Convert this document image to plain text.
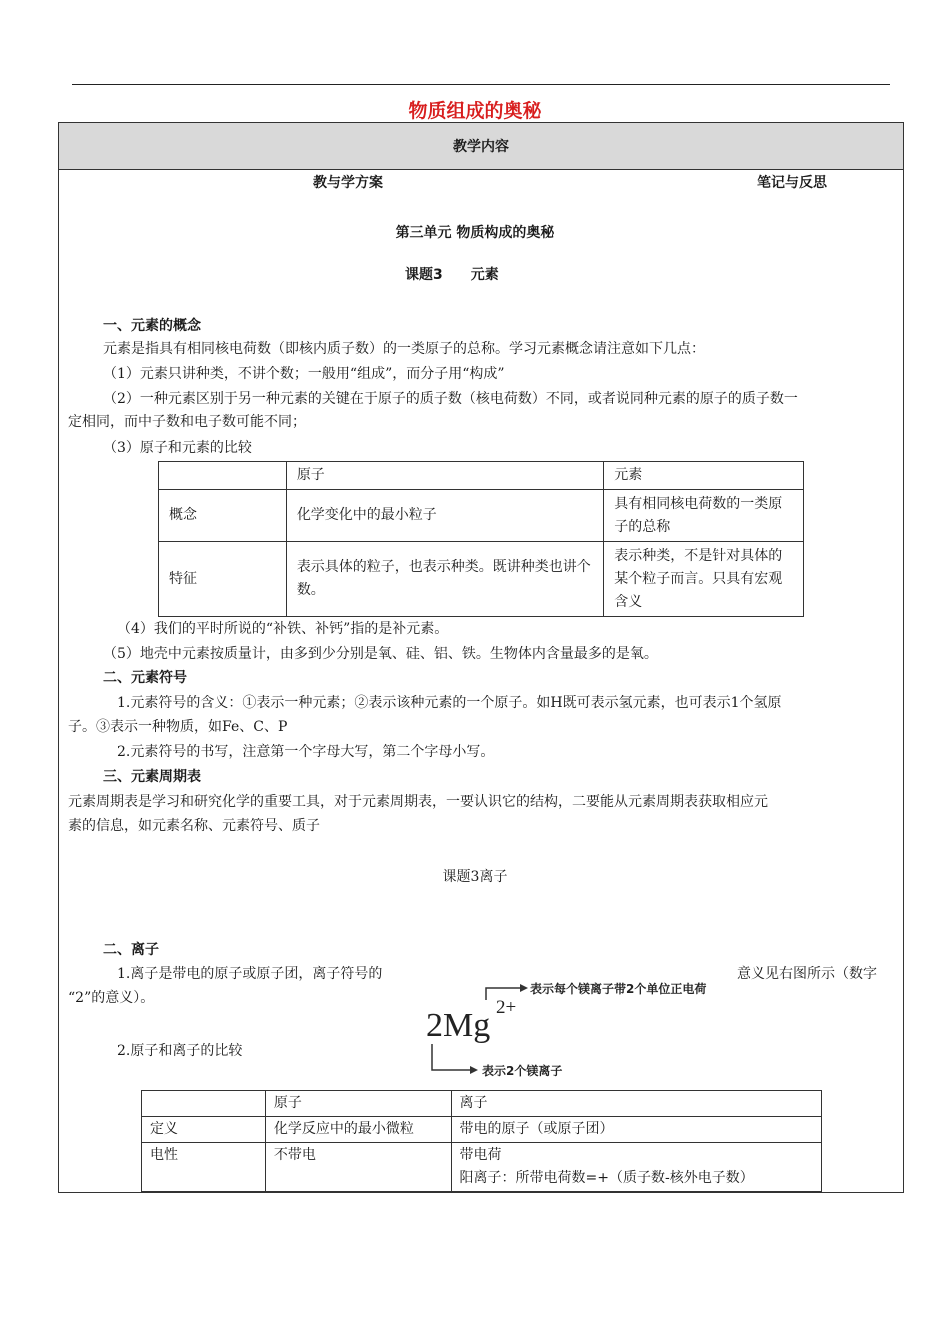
物质组成的奥秘
教学内容
教与学方案	笔记与反思
第三单元 物质构成的奥秘
课题3　　元素
一、元素的概念
元素是指具有相同核电荷数（即核内质子数）的一类原子的总称。学习元素概念请注意如下几点：
（1）元素只讲种类，不讲个数；一般用“组成”，而分子用“构成”
（2）一种元素区别于另一种元素的关键在于原子的质子数（核电荷数）不同，或者说同种元素的原子的质子数一
定相同，而中子数和电子数可能不同；
（3）原子和元素的比较
	原子	元素
概念	化学变化中的最小粒子	具有相同核电荷数的一类原子的总称
特征	表示具体的粒子，也表示种类。既讲种类也讲个数。	表示种类，不是针对具体的某个粒子而言。只具有宏观含义
（4）我们的平时所说的“补铁、补钙”指的是补元素。
（5）地壳中元素按质量计，由多到少分别是氧、硅、铝、铁。生物体内含量最多的是氧。
二、元素符号
1.元素符号的含义：①表示一种元素；②表示该种元素的一个原子。如H既可表示氢元素，也可表示1个氢原
子。③表示一种物质，如Fe、C、P
2.元素符号的书写，注意第一个字母大写，第二个字母小写。
三、元素周期表
元素周期表是学习和研究化学的重要工具，对于元素周期表，一要认识它的结构，二要能从元素周期表获取相应元
素的信息，如元素名称、元素符号、质子
课题3离子
二、离子
1.离子是带电的原子或原子团，离子符号的	意义见右图所示（数字
“2”的意义）。
2.原子和离子的比较
2Mg 2+
表示每个镁离子带2个单位正电荷
表示2个镁离子
	原子	离子
定义	化学反应中的最小微粒	带电的原子（或原子团）
电性	不带电	带电荷
阳离子：所带电荷数=+（质子数-核外电子数）
